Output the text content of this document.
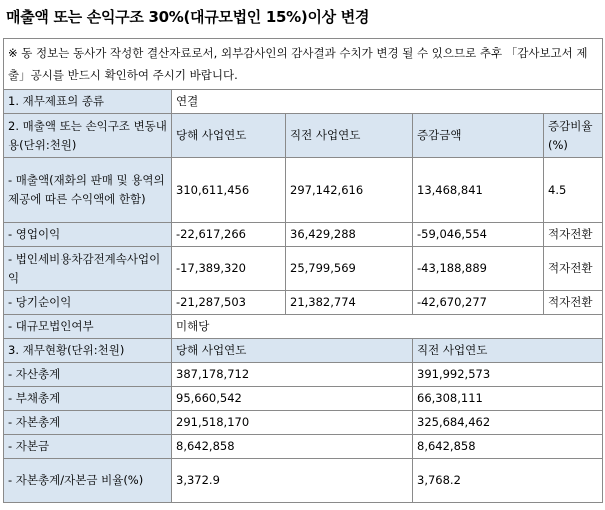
매출액 또는 손익구조 30%(대규모법인 15%)이상 변경
※ 동 정보는 동사가 작성한 결산자료로서, 외부감사인의 감사결과 수치가 변경 될 수 있으므로 추후 「감사보고서 제출」공시를 반드시 확인하여 주시기 바랍니다.				
1. 재무제표의 종류	연결			
2. 매출액 또는 손익구조 변동내용(단위:천원)	당해 사업연도	직전 사업연도	증감금액	증감비율(%)
- 매출액(재화의 판매 및 용역의 제공에 따른 수익액에 한함)	310,611,456	297,142,616	13,468,841	4.5
- 영업이익	-22,617,266	36,429,288	-59,046,554	적자전환
- 법인세비용차감전계속사업이익	-17,389,320	25,799,569	-43,188,889	적자전환
- 당기순이익	-21,287,503	21,382,774	-42,670,277	적자전환
- 대규모법인여부	미해당			
3. 재무현황(단위:천원)	당해 사업연도		직전 사업연도	
- 자산총계	387,178,712		391,992,573	
- 부채총계	95,660,542		66,308,111	
- 자본총계	291,518,170		325,684,462	
- 자본금	8,642,858		8,642,858	
- 자본총계/자본금 비율(%)	3,372.9		3,768.2	
